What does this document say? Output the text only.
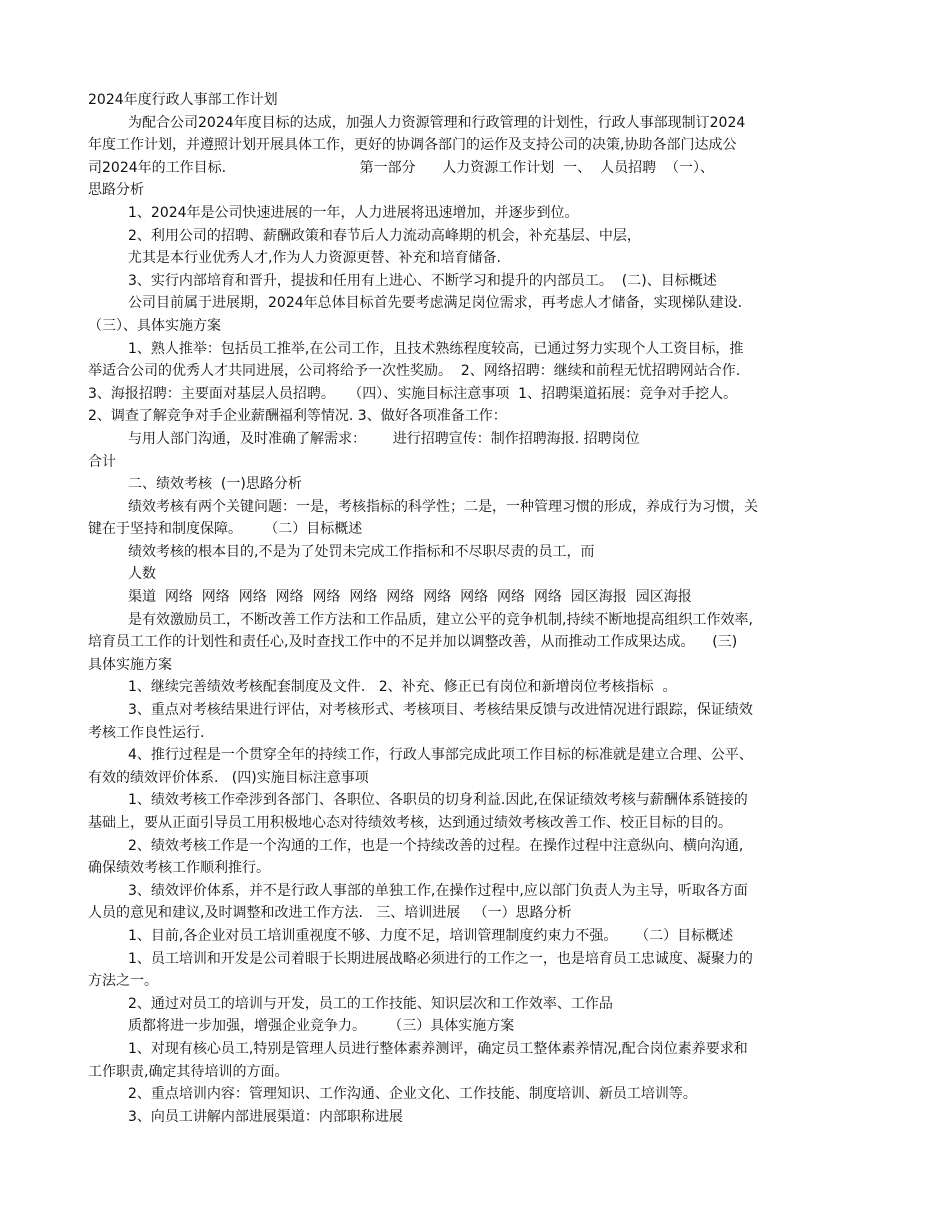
2024年度行政人事部工作计划
为配合公司2024年度目标的达成，加强人力资源管理和行政管理的计划性，行政人事部现制订2024
年度工作计划，并遵照计划开展具体工作，更好的协调各部门的运作及支持公司的决策,协助各部门达成公
司2024年的工作目标.                              第一部分      人力资源工作计划  一、  人员招聘  （一）、
思路分析
1、2024年是公司快速进展的一年，人力进展将迅速增加，并逐步到位。
2、利用公司的招聘、薪酬政策和春节后人力流动高峰期的机会，补充基层、中层，
尤其是本行业优秀人才,作为人力资源更替、补充和培育储备.
3、实行内部培育和晋升，提拔和任用有上进心、不断学习和提升的内部员工。  (二)、目标概述
公司目前属于进展期，2024年总体目标首先要考虑满足岗位需求，再考虑人才储备，实现梯队建设.
（三）、具体实施方案
1、熟人推举：包括员工推举,在公司工作，且技术熟练程度较高，已通过努力实现个人工资目标，推
举适合公司的优秀人才共同进展，公司将给予一次性奖励。  2、网络招聘：继续和前程无忧招聘网站合作.
3、海报招聘：主要面对基层人员招聘。   （四）、实施目标注意事项  1、招聘渠道拓展：竞争对手挖人。
2、调查了解竞争对手企业薪酬福利等情况. 3、做好各项准备工作：
与用人部门沟通，及时准确了解需求：      进行招聘宣传：制作招聘海报. 招聘岗位
合计
二、绩效考核  (一)思路分析
绩效考核有两个关键问题：一是，考核指标的科学性；二是，一种管理习惯的形成，养成行为习惯，关
键在于坚持和制度保障。     （二）目标概述
绩效考核的根本目的,不是为了处罚未完成工作指标和不尽职尽责的员工，而
人数
渠道  网络  网络  网络  网络  网络  网络  网络  网络  网络  网络  网络  园区海报  园区海报
是有效激励员工，不断改善工作方法和工作品质，建立公平的竞争机制,持续不断地提高组织工作效率,
培育员工工作的计划性和责任心,及时查找工作中的不足并加以调整改善，从而推动工作成果达成。    (三)
具体实施方案
1、继续完善绩效考核配套制度及文件.   2、补充、修正已有岗位和新增岗位考核指标  。
3、重点对考核结果进行评估，对考核形式、考核项目、考核结果反馈与改进情况进行跟踪，保证绩效
考核工作良性运行.
4、推行过程是一个贯穿全年的持续工作，行政人事部完成此项工作目标的标准就是建立合理、公平、
有效的绩效评价体系.   (四)实施目标注意事项
1、绩效考核工作牵涉到各部门、各职位、各职员的切身利益.因此,在保证绩效考核与薪酬体系链接的
基础上，要从正面引导员工用积极地心态对待绩效考核，达到通过绩效考核改善工作、校正目标的目的。
2、绩效考核工作是一个沟通的工作，也是一个持续改善的过程。在操作过程中注意纵向、横向沟通,
确保绩效考核工作顺利推行。
3、绩效评价体系，并不是行政人事部的单独工作,在操作过程中,应以部门负责人为主导，听取各方面
人员的意见和建议,及时调整和改进工作方法.   三、培训进展   （一）思路分析
1、目前,各企业对员工培训重视度不够、力度不足，培训管理制度约束力不强。    （二）目标概述
1、员工培训和开发是公司着眼于长期进展战略必须进行的工作之一，也是培育员工忠诚度、凝聚力的
方法之一。
2、通过对员工的培训与开发，员工的工作技能、知识层次和工作效率、工作品
质都将进一步加强，增强企业竞争力。     （三）具体实施方案
1、对现有核心员工,特别是管理人员进行整体素养测评，确定员工整体素养情况,配合岗位素养要求和
工作职责,确定其待培训的方面。
2、重点培训内容：管理知识、工作沟通、企业文化、工作技能、制度培训、新员工培训等。
3、向员工讲解内部进展渠道：内部职称进展
